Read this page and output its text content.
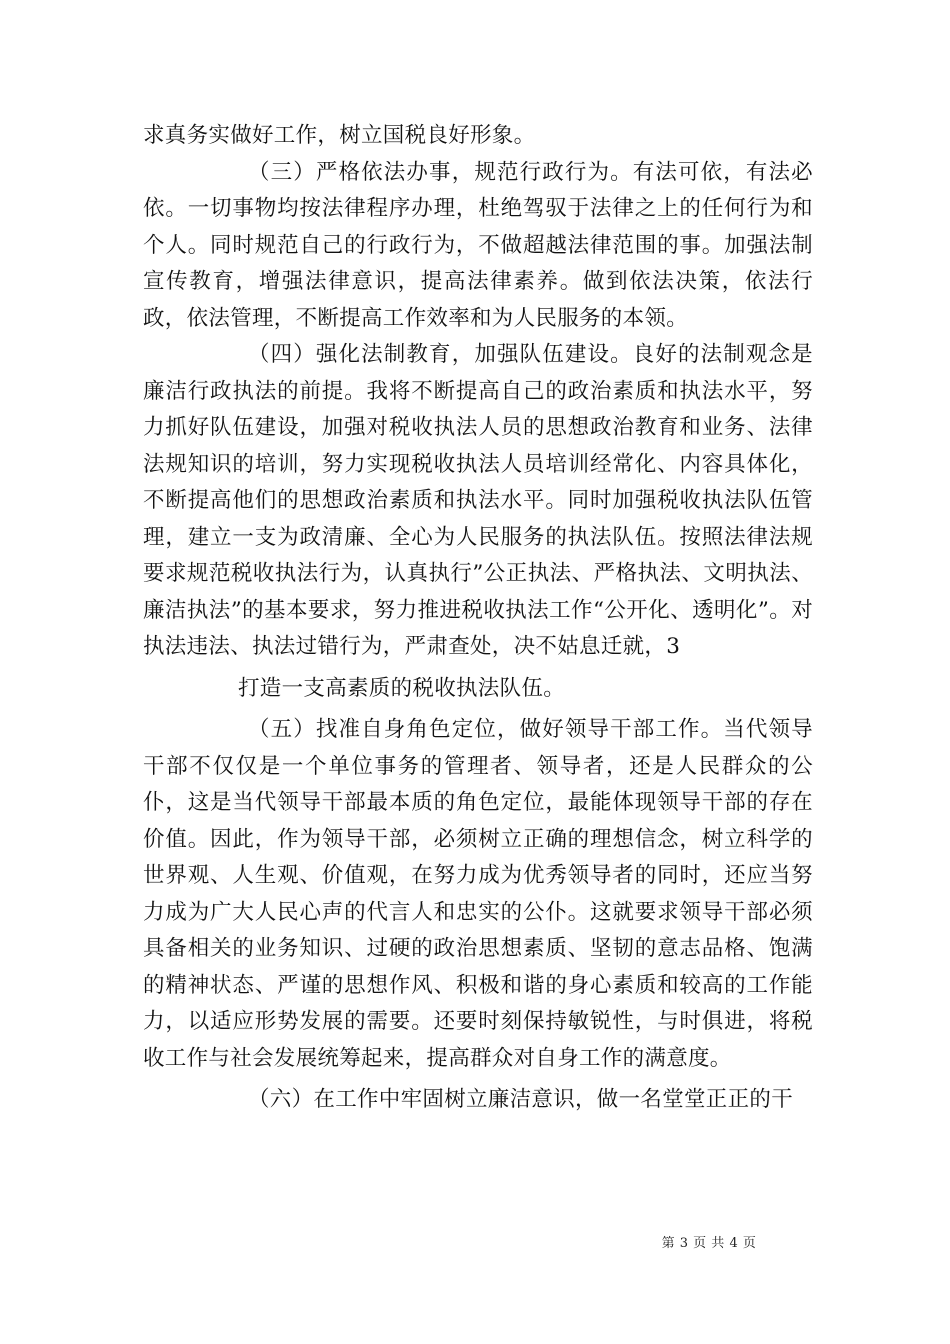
求真务实做好工作，树立国税良好形象。

（三）严格依法办事，规范行政行为。有法可依，有法必依。一切事物均按法律程序办理，杜绝驾驭于法律之上的任何行为和个人。同时规范自己的行政行为，不做超越法律范围的事。加强法制宣传教育，增强法律意识，提高法律素养。做到依法决策，依法行政，依法管理，不断提高工作效率和为人民服务的本领。

（四）强化法制教育，加强队伍建设。良好的法制观念是廉洁行政执法的前提。我将不断提高自己的政治素质和执法水平，努力抓好队伍建设，加强对税收执法人员的思想政治教育和业务、法律法规知识的培训，努力实现税收执法人员培训经常化、内容具体化，不断提高他们的思想政治素质和执法水平。同时加强税收执法队伍管理，建立一支为政清廉、全心为人民服务的执法队伍。按照法律法规要求规范税收执法行为，认真执行”公正执法、严格执法、文明执法、廉洁执法”的基本要求，努力推进税收执法工作“公开化、透明化”。对执法违法、执法过错行为，严肃查处，决不姑息迁就，3

打造一支高素质的税收执法队伍。

（五）找准自身角色定位，做好领导干部工作。当代领导干部不仅仅是一个单位事务的管理者、领导者，还是人民群众的公仆，这是当代领导干部最本质的角色定位，最能体现领导干部的存在价值。因此，作为领导干部，必须树立正确的理想信念，树立科学的世界观、人生观、价值观，在努力成为优秀领导者的同时，还应当努力成为广大人民心声的代言人和忠实的公仆。这就要求领导干部必须具备相关的业务知识、过硬的政治思想素质、坚韧的意志品格、饱满的精神状态、严谨的思想作风、积极和谐的身心素质和较高的工作能力，以适应形势发展的需要。还要时刻保持敏锐性，与时俱进，将税收工作与社会发展统筹起来，提高群众对自身工作的满意度。

（六）在工作中牢固树立廉洁意识，做一名堂堂正正的干

第 3 页 共 4 页
